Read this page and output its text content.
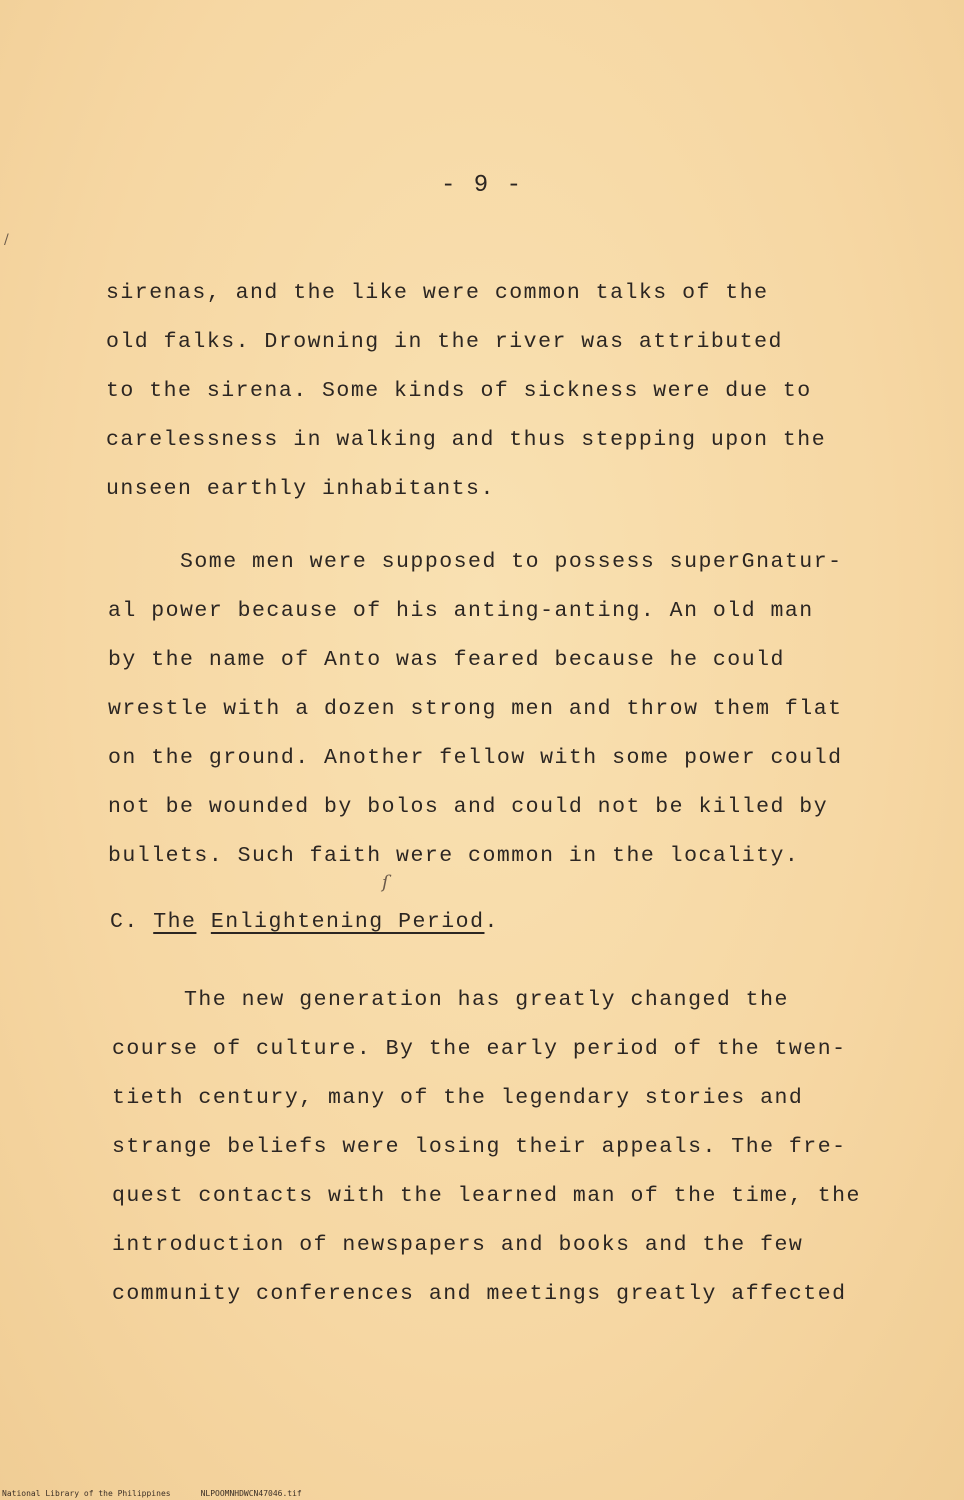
- 9 -
sirenas, and the like were common talks of the
old falks. Drowning in the river was attributed
to the sirena. Some kinds of sickness were due to
carelessness in walking and thus stepping upon the
unseen earthly inhabitants.
Some men were supposed to possess superGnatur-
al power because of his anting-anting. An old man
by the name of Anto was feared because he could
wrestle with a dozen strong men and throw them flat
on the ground. Another fellow with some power could
not be wounded by bolos and could not be killed by
bullets. Such faith were common in the locality.
C. The Enlightening Period.
The new generation has greatly changed the
course of culture. By the early period of the twen-
tieth century, many of the legendary stories and
strange beliefs were losing their appeals. The fre-
quest contacts with the learned man of the time, the
introduction of newspapers and books and the few
community conferences and meetings greatly affected
/
ſ
National Library of the Philippines	NLPOOMNHDWCN47046.tif
